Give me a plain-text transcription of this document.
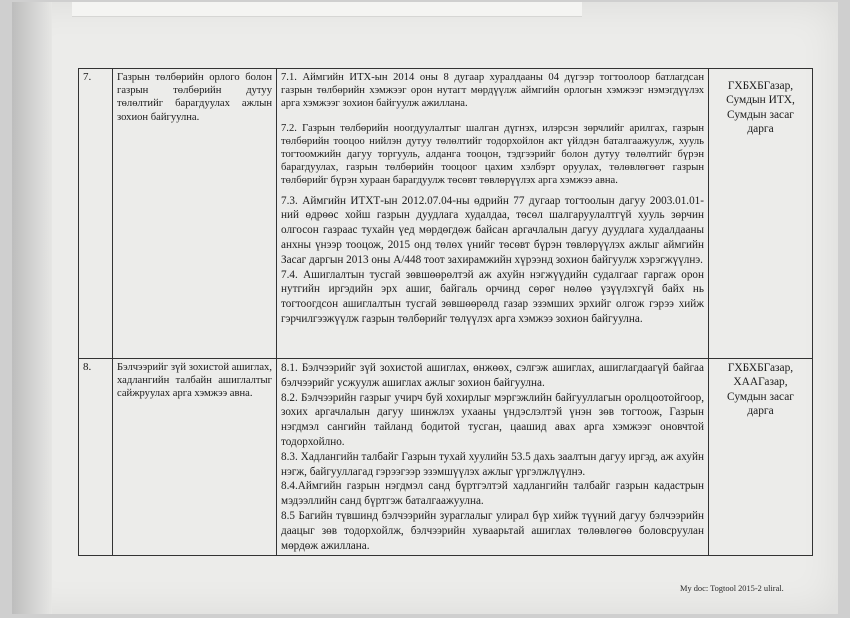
7.	Газрын төлбөрийн орлого болон газрын төлбөрийн дутуу төлөлтийг барагдуулах ажлын зохион байгуулна.	7.1. Аймгийн ИТХ-ын 2014 оны 8 дугаар хуралдааны 04 дүгээр тогтоолоор батлагдсан газрын төлбөрийн хэмжээг орон нутагт мөрдүүлж аймгийн орлогын хэмжээг нэмэгдүүлэх арга хэмжээг зохион байгуулж ажиллана.

7.2. Газрын төлбөрийн ноогдуулалтыг шалган дүгнэх, илэрсэн зөрчлийг арилгах, газрын төлбөрийн тооцоо нийлэн дутуу төлөлтийг тодорхойлон акт үйлдэн баталгаажуулж, хууль тогтоомжийн дагуу торгууль, алданга тооцон, тэдгээрийг болон дутуу төлөлтийг бүрэн барагдуулах, газрын төлбөрийн тооцоог цахим хэлбэрт оруулах, төлөвлөгөөт газрын төлбөрийг бүрэн хураан барагдуулж төсөвт төвлөрүүлэх арга хэмжээ авна.

7.3. Аймгийн ИТХТ-ын 2012.07.04-ны өдрийн 77 дугаар тогтоолын дагуу 2003.01.01-ний өдрөөс хойш газрын дуудлага худалдаа, төсөл шалгаруулалтгүй хууль зөрчин олгосон газраас тухайн үед мөрдөгдөж байсан аргачлалын дагуу дуудлага худалдааны анхны үнээр тооцож, 2015 онд төлөх үнийг төсөвт бүрэн төвлөрүүлэх ажлыг аймгийн Засаг даргын 2013 оны А/448 тоот захирамжийн хүрээнд зохион байгуулж хэрэгжүүлнэ.

7.4. Ашиглалтын тусгай зөвшөөрөлтэй аж ахуйн нэгжүүдийн судалгааг гаргаж орон нутгийн иргэдийн эрх ашиг, байгаль орчинд сөрөг нөлөө үзүүлэхгүй байх нь тогтоогдсон ашиглалтын тусгай зөвшөөрөлд газар эзэмших эрхийг олгож гэрээ хийж гэрчилгээжүүлж газрын төлбөрийг төлүүлэх арга хэмжээ зохион байгуулна.	ГХБХБГазар, Сумдын ИТХ, Сумдын засаг дарга
8.	Бэлчээрийг зүй зохистой ашиглах, хадлангийн талбайн ашиглалтыг сайжруулах арга хэмжээ авна.	8.1. Бэлчээрийг зүй зохистой ашиглах, өнжөөх, сэлгэж ашиглах, ашиглагдаагүй байгаа бэлчээрийг усжуулж ашиглах ажлыг зохион байгуулна.

8.2. Бэлчээрийн газрыг учирч буй хохирлыг мэргэжлийн байгууллагын оролцоотойгоор, зохих аргачлалын дагуу шинжлэх ухааны үндэслэлтэй үнэн зөв тогтоож, Газрын нэгдмэл сангийн тайланд бодитой тусган, цаашид авах арга хэмжээг оновчтой тодорхойлно.

8.3. Хадлангийн талбайг Газрын тухай хуулийн 53.5 дахь заалтын дагуу иргэд, аж ахуйн нэгж, байгууллагад гэрээгээр эзэмшүүлэх ажлыг үргэлжлүүлнэ.

8.4.Аймгийн газрын нэгдмэл санд бүртгэлтэй хадлангийн талбайг газрын кадастрын мэдээллийн санд бүртгэж баталгаажуулна.

8.5 Багийн түвшинд бэлчээрийн зураглалыг улирал бүр хийж түүний дагуу бэлчээрийн даацыг зөв тодорхойлж, бэлчээрийн хуваарьтай ашиглах төлөвлөгөө боловсруулан мөрдөж ажиллана.	ГХБХБГазар, ХААГазар, Сумдын засаг дарга
My doc: Togtool 2015-2 uliral.
